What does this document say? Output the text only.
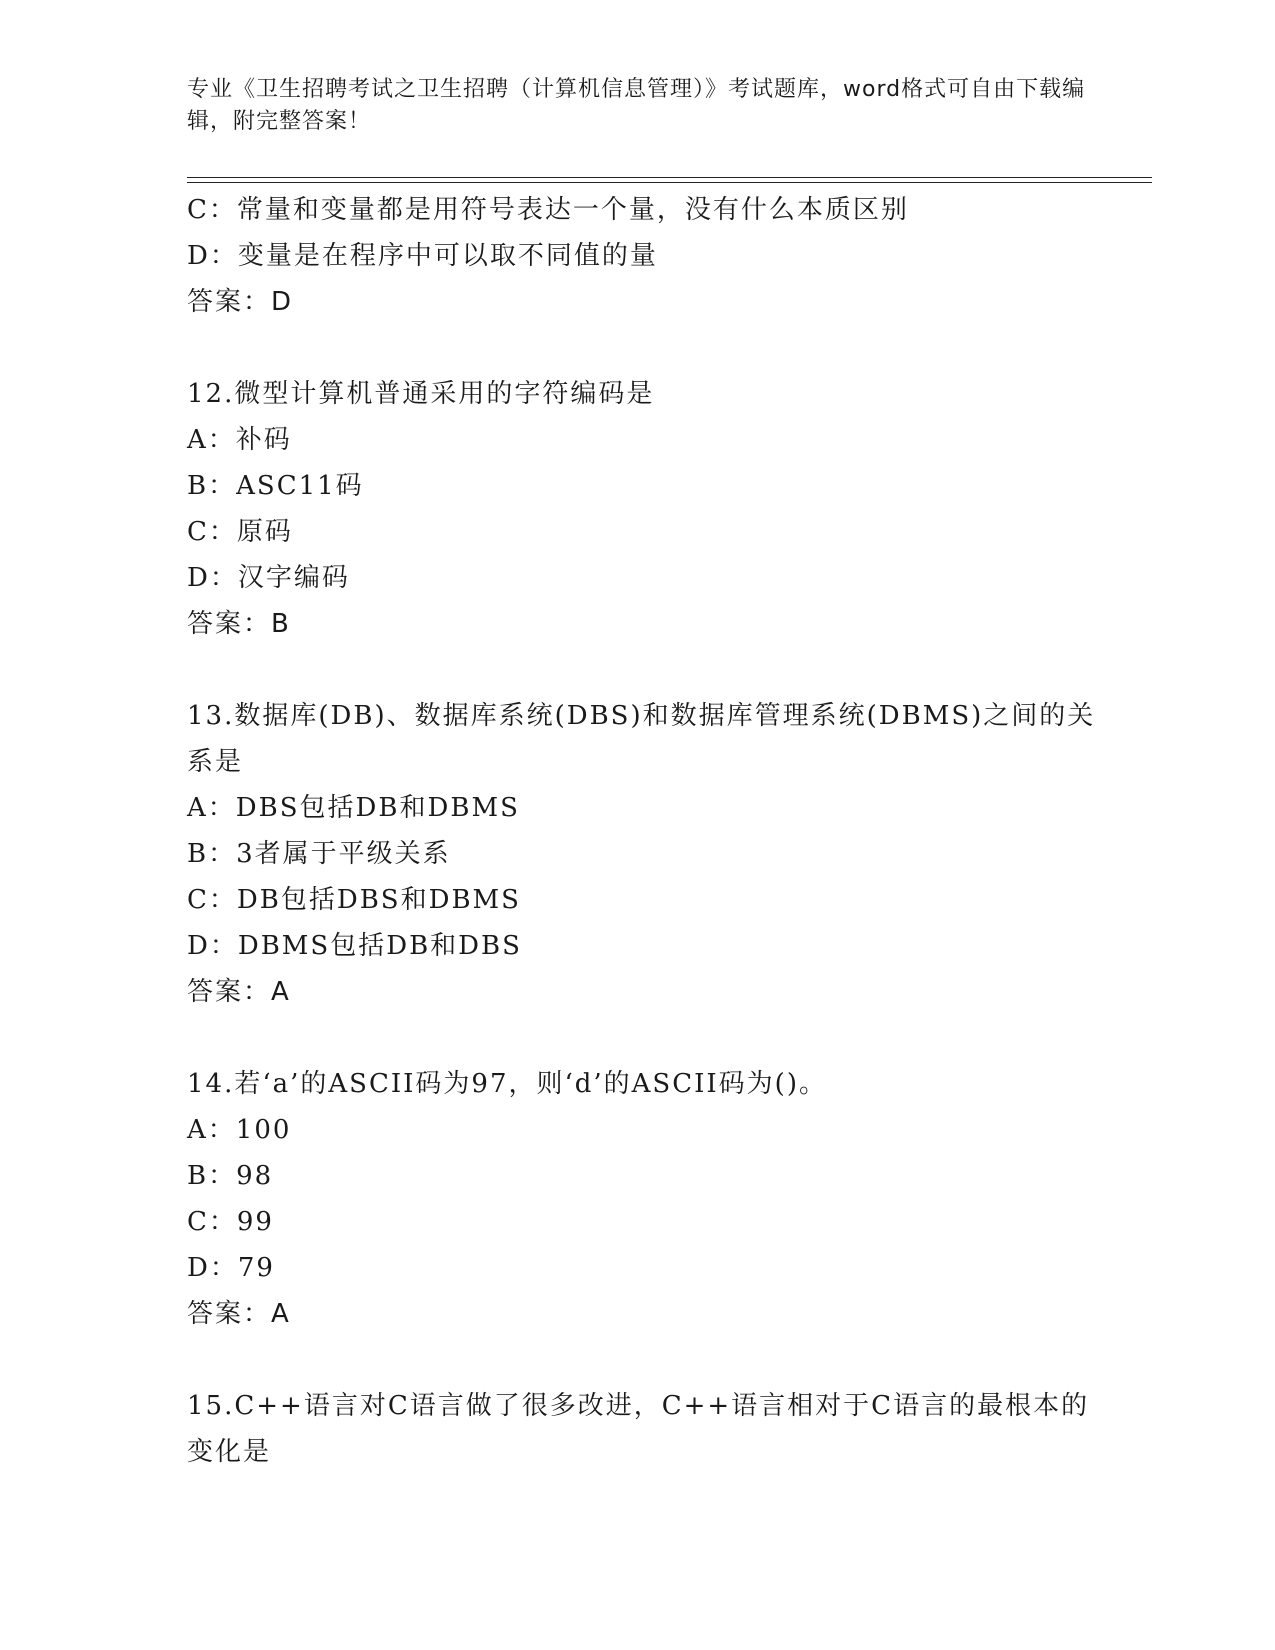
专业《卫生招聘考试之卫生招聘（计算机信息管理）》考试题库，word格式可自由下载编辑，附完整答案！
C：常量和变量都是用符号表达一个量，没有什么本质区别
D：变量是在程序中可以取不同值的量
答案：D
12.微型计算机普通采用的字符编码是
A：补码
B：ASC11码
C：原码
D：汉字编码
答案：B
13.数据库(DB)、数据库系统(DBS)和数据库管理系统(DBMS)之间的关
系是
A：DBS包括DB和DBMS
B：3者属于平级关系
C：DB包括DBS和DBMS
D：DBMS包括DB和DBS
答案：A
14.若‘a’的ASCII码为97，则‘d’的ASCII码为()。
A：100
B：98
C：99
D：79
答案：A
15.C++语言对C语言做了很多改进，C++语言相对于C语言的最根本的
变化是
